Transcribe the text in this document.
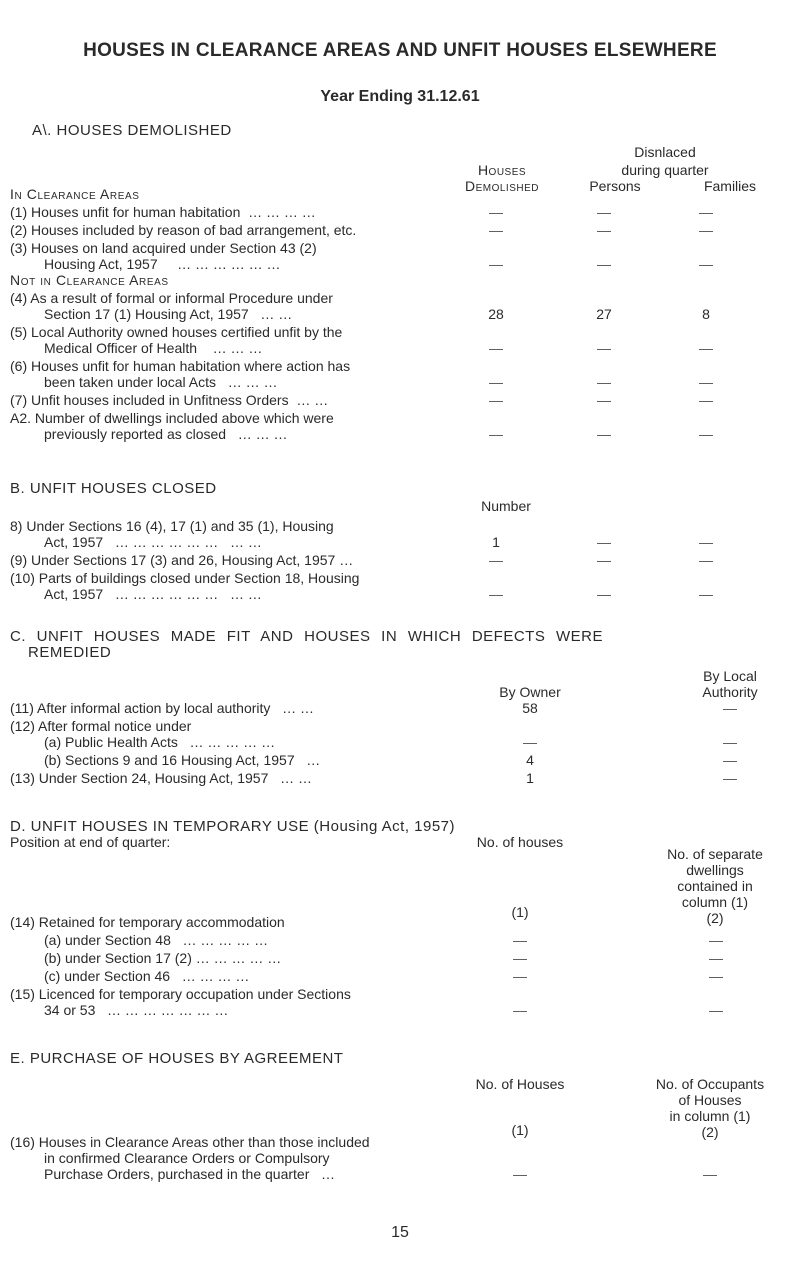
HOUSES IN CLEARANCE AREAS AND UNFIT HOUSES ELSEWHERE
Year Ending 31.12.61
A\. HOUSES DEMOLISHED
Houses
Demolished
Disnlaced
during quarter
Persons	Families
In Clearance Areas
(1) Houses unfit for human habitation … … … …	—	—	—
(2) Houses included by reason of bad arrangement, etc.	—	—	—
(3) Houses on land acquired under Section 43 (2)
Housing Act, 1957 … … … … … …	—	—	—
Not in Clearance Areas
(4) As a result of formal or informal Procedure under
Section 17 (1) Housing Act, 1957 … …	28	27	8
(5) Local Authority owned houses certified unfit by the
Medical Officer of Health … … …	—	—	—
(6) Houses unfit for human habitation where action has
been taken under local Acts … … …	—	—	—
(7) Unfit houses included in Unfitness Orders … …	—	—	—
A2. Number of dwellings included above which were
previously reported as closed … … …	—	—	—
B. UNFIT HOUSES CLOSED
Number
8) Under Sections 16 (4), 17 (1) and 35 (1), Housing
Act, 1957 … … … … … … … …	1	—	—
(9) Under Sections 17 (3) and 26, Housing Act, 1957 …	—	—	—
(10) Parts of buildings closed under Section 18, Housing
Act, 1957 … … … … … … … …	—	—	—
C. UNFIT HOUSES MADE FIT AND HOUSES IN WHICH DEFECTS WERE
REMEDIED
By Local
Authority
By Owner
(11) After informal action by local authority … …	58	—
(12) After formal notice under
(a) Public Health Acts … … … … …	—	—
(b) Sections 9 and 16 Housing Act, 1957 …	4	—
(13) Under Section 24, Housing Act, 1957 … …	1	—
D. UNFIT HOUSES IN TEMPORARY USE (Housing Act, 1957)
Position at end of quarter:	No. of houses
No. of separate
dwellings
contained in
column (1)
(1)	(2)
(14) Retained for temporary accommodation
(a) under Section 48 … … … … …	—	—
(b) under Section 17 (2) … … … … …	—	—
(c) under Section 46 … … … …	—	—
(15) Licenced for temporary occupation under Sections
34 or 53 … … … … … … …	—	—
E. PURCHASE OF HOUSES BY AGREEMENT
No. of Houses	No. of Occupants
of Houses
in column (1)
(1)	(2)
(16) Houses in Clearance Areas other than those included
in confirmed Clearance Orders or Compulsory
Purchase Orders, purchased in the quarter …	—	—
15
